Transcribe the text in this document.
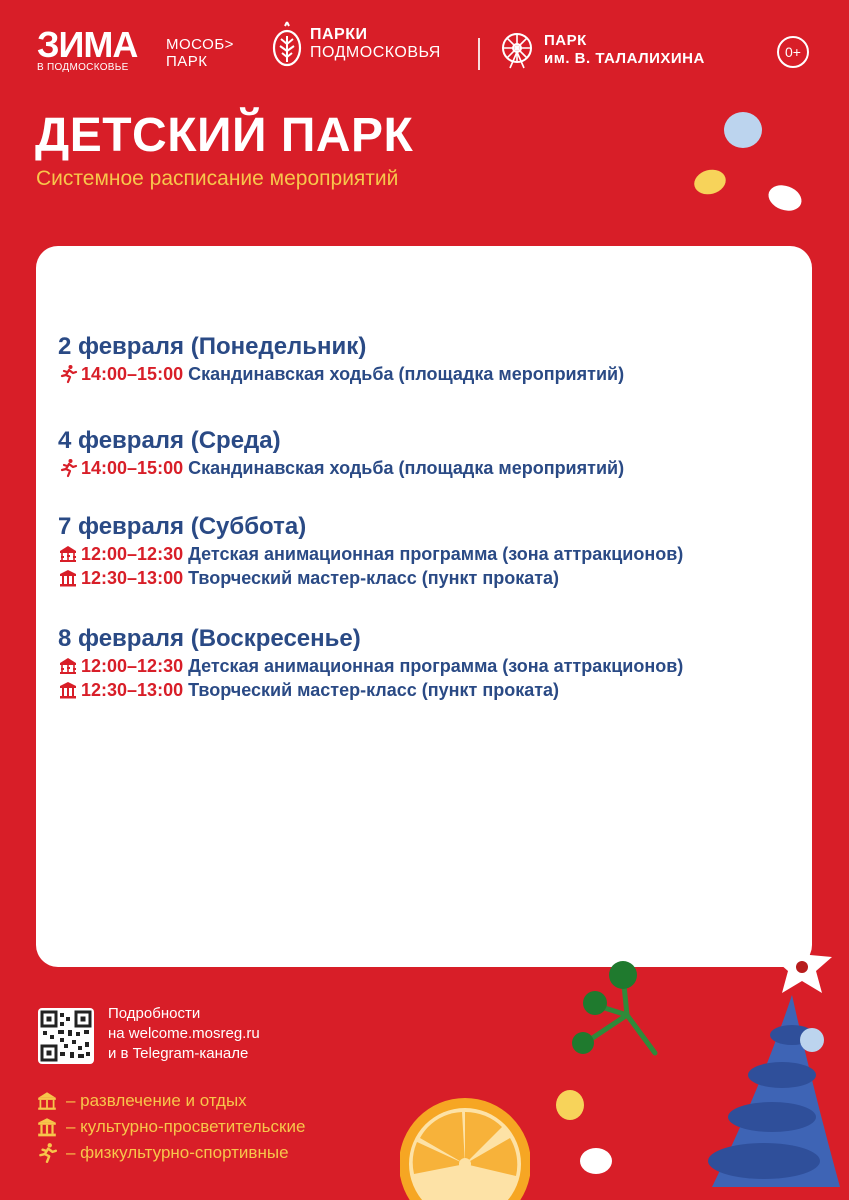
ЗИМА
В ПОДМОСКОВЬЕ
МОСОБ>
ПАРК
ПАРКИ
ПОДМОСКОВЬЯ
ПАРК
им. В. ТАЛАЛИХИНА	0+
ДЕТСКИЙ ПАРК
Системное расписание мероприятий
2 февраля (Понедельник)
14:00–15:00 Скандинавская ходьба (площадка мероприятий)
4 февраля (Среда)
14:00–15:00 Скандинавская ходьба (площадка мероприятий)
7 февраля (Суббота)
12:00–12:30 Детская анимационная программа (зона аттракционов)
12:30–13:00 Творческий мастер-класс (пункт проката)
8 февраля (Воскресенье)
12:00–12:30 Детская анимационная программа (зона аттракционов)
12:30–13:00 Творческий мастер-класс (пункт проката)
Подробности
на welcome.mosreg.ru
и в Telegram-канале
– развлечение и отдых
– культурно-просветительские
– физкультурно-спортивные
